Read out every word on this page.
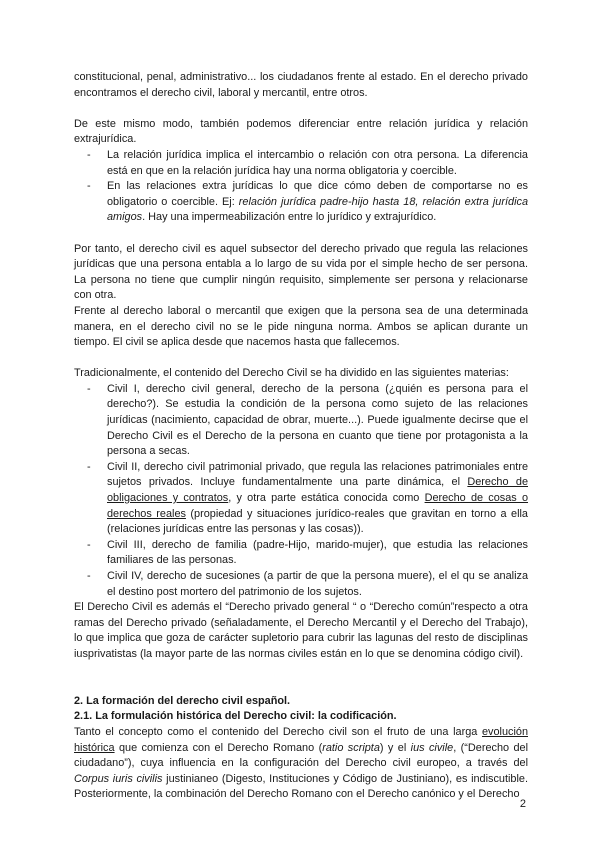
constitucional, penal, administrativo... los ciudadanos frente al estado. En el derecho privado encontramos el derecho civil, laboral y mercantil, entre otros.

De este mismo modo, también podemos diferenciar entre relación jurídica y relación extrajurídica.

- La relación jurídica implica el intercambio o relación con otra persona. La diferencia está en que en la relación jurídica hay una norma obligatoria y coercible.
- En las relaciones extra jurídicas lo que dice cómo deben de comportarse no es obligatorio o coercible. Ej: relación jurídica padre-hijo hasta 18, relación extra jurídica amigos. Hay una impermeabilización entre lo jurídico y extrajurídico.

Por tanto, el derecho civil es aquel subsector del derecho privado que regula las relaciones jurídicas que una persona entabla a lo largo de su vida por el simple hecho de ser persona. La persona no tiene que cumplir ningún requisito, simplemente ser persona y relacionarse con otra.

Frente al derecho laboral o mercantil que exigen que la persona sea de una determinada manera, en el derecho civil no se le pide ninguna norma. Ambos se aplican durante un tiempo. El civil se aplica desde que nacemos hasta que fallecemos.

Tradicionalmente, el contenido del Derecho Civil se ha dividido en las siguientes materias:

- Civil I, derecho civil general, derecho de la persona (¿quién es persona para el derecho?). Se estudia la condición de la persona como sujeto de las relaciones jurídicas (nacimiento, capacidad de obrar, muerte...). Puede igualmente decirse que el Derecho Civil es el Derecho de la persona en cuanto que tiene por protagonista a la persona a secas.
- Civil II, derecho civil patrimonial privado, que regula las relaciones patrimoniales entre sujetos privados. Incluye fundamentalmente una parte dinámica, el Derecho de obligaciones y contratos, y otra parte estática conocida como Derecho de cosas o derechos reales (propiedad y situaciones jurídico-reales que gravitan en torno a ella (relaciones jurídicas entre las personas y las cosas)).
- Civil III, derecho de familia (padre-Hijo, marido-mujer), que estudia las relaciones familiares de las personas.
- Civil IV, derecho de sucesiones (a partir de que la persona muere), el el qu se analiza el destino post mortero del patrimonio de los sujetos.

El Derecho Civil es además el “Derecho privado general “ o “Derecho común”respecto a otra ramas del Derecho privado (señaladamente, el Derecho Mercantil y el Derecho del Trabajo), lo que implica que goza de carácter supletorio para cubrir las lagunas del resto de disciplinas iusprivatistas (la mayor parte de las normas civiles están en lo que se denomina código civil).

2. La formación del derecho civil español.
2.1. La formulación histórica del Derecho civil: la codificación.

Tanto el concepto como el contenido del Derecho civil son el fruto de una larga evolución histórica que comienza con el Derecho Romano (ratio scripta) y el ius civile, (“Derecho del ciudadano”), cuya influencia en la configuración del Derecho civil europeo, a través del Corpus iuris civilis justinianeo (Digesto, Instituciones y Código de Justiniano), es indiscutible. Posteriormente, la combinación del Derecho Romano con el Derecho canónico y el Derecho

2
